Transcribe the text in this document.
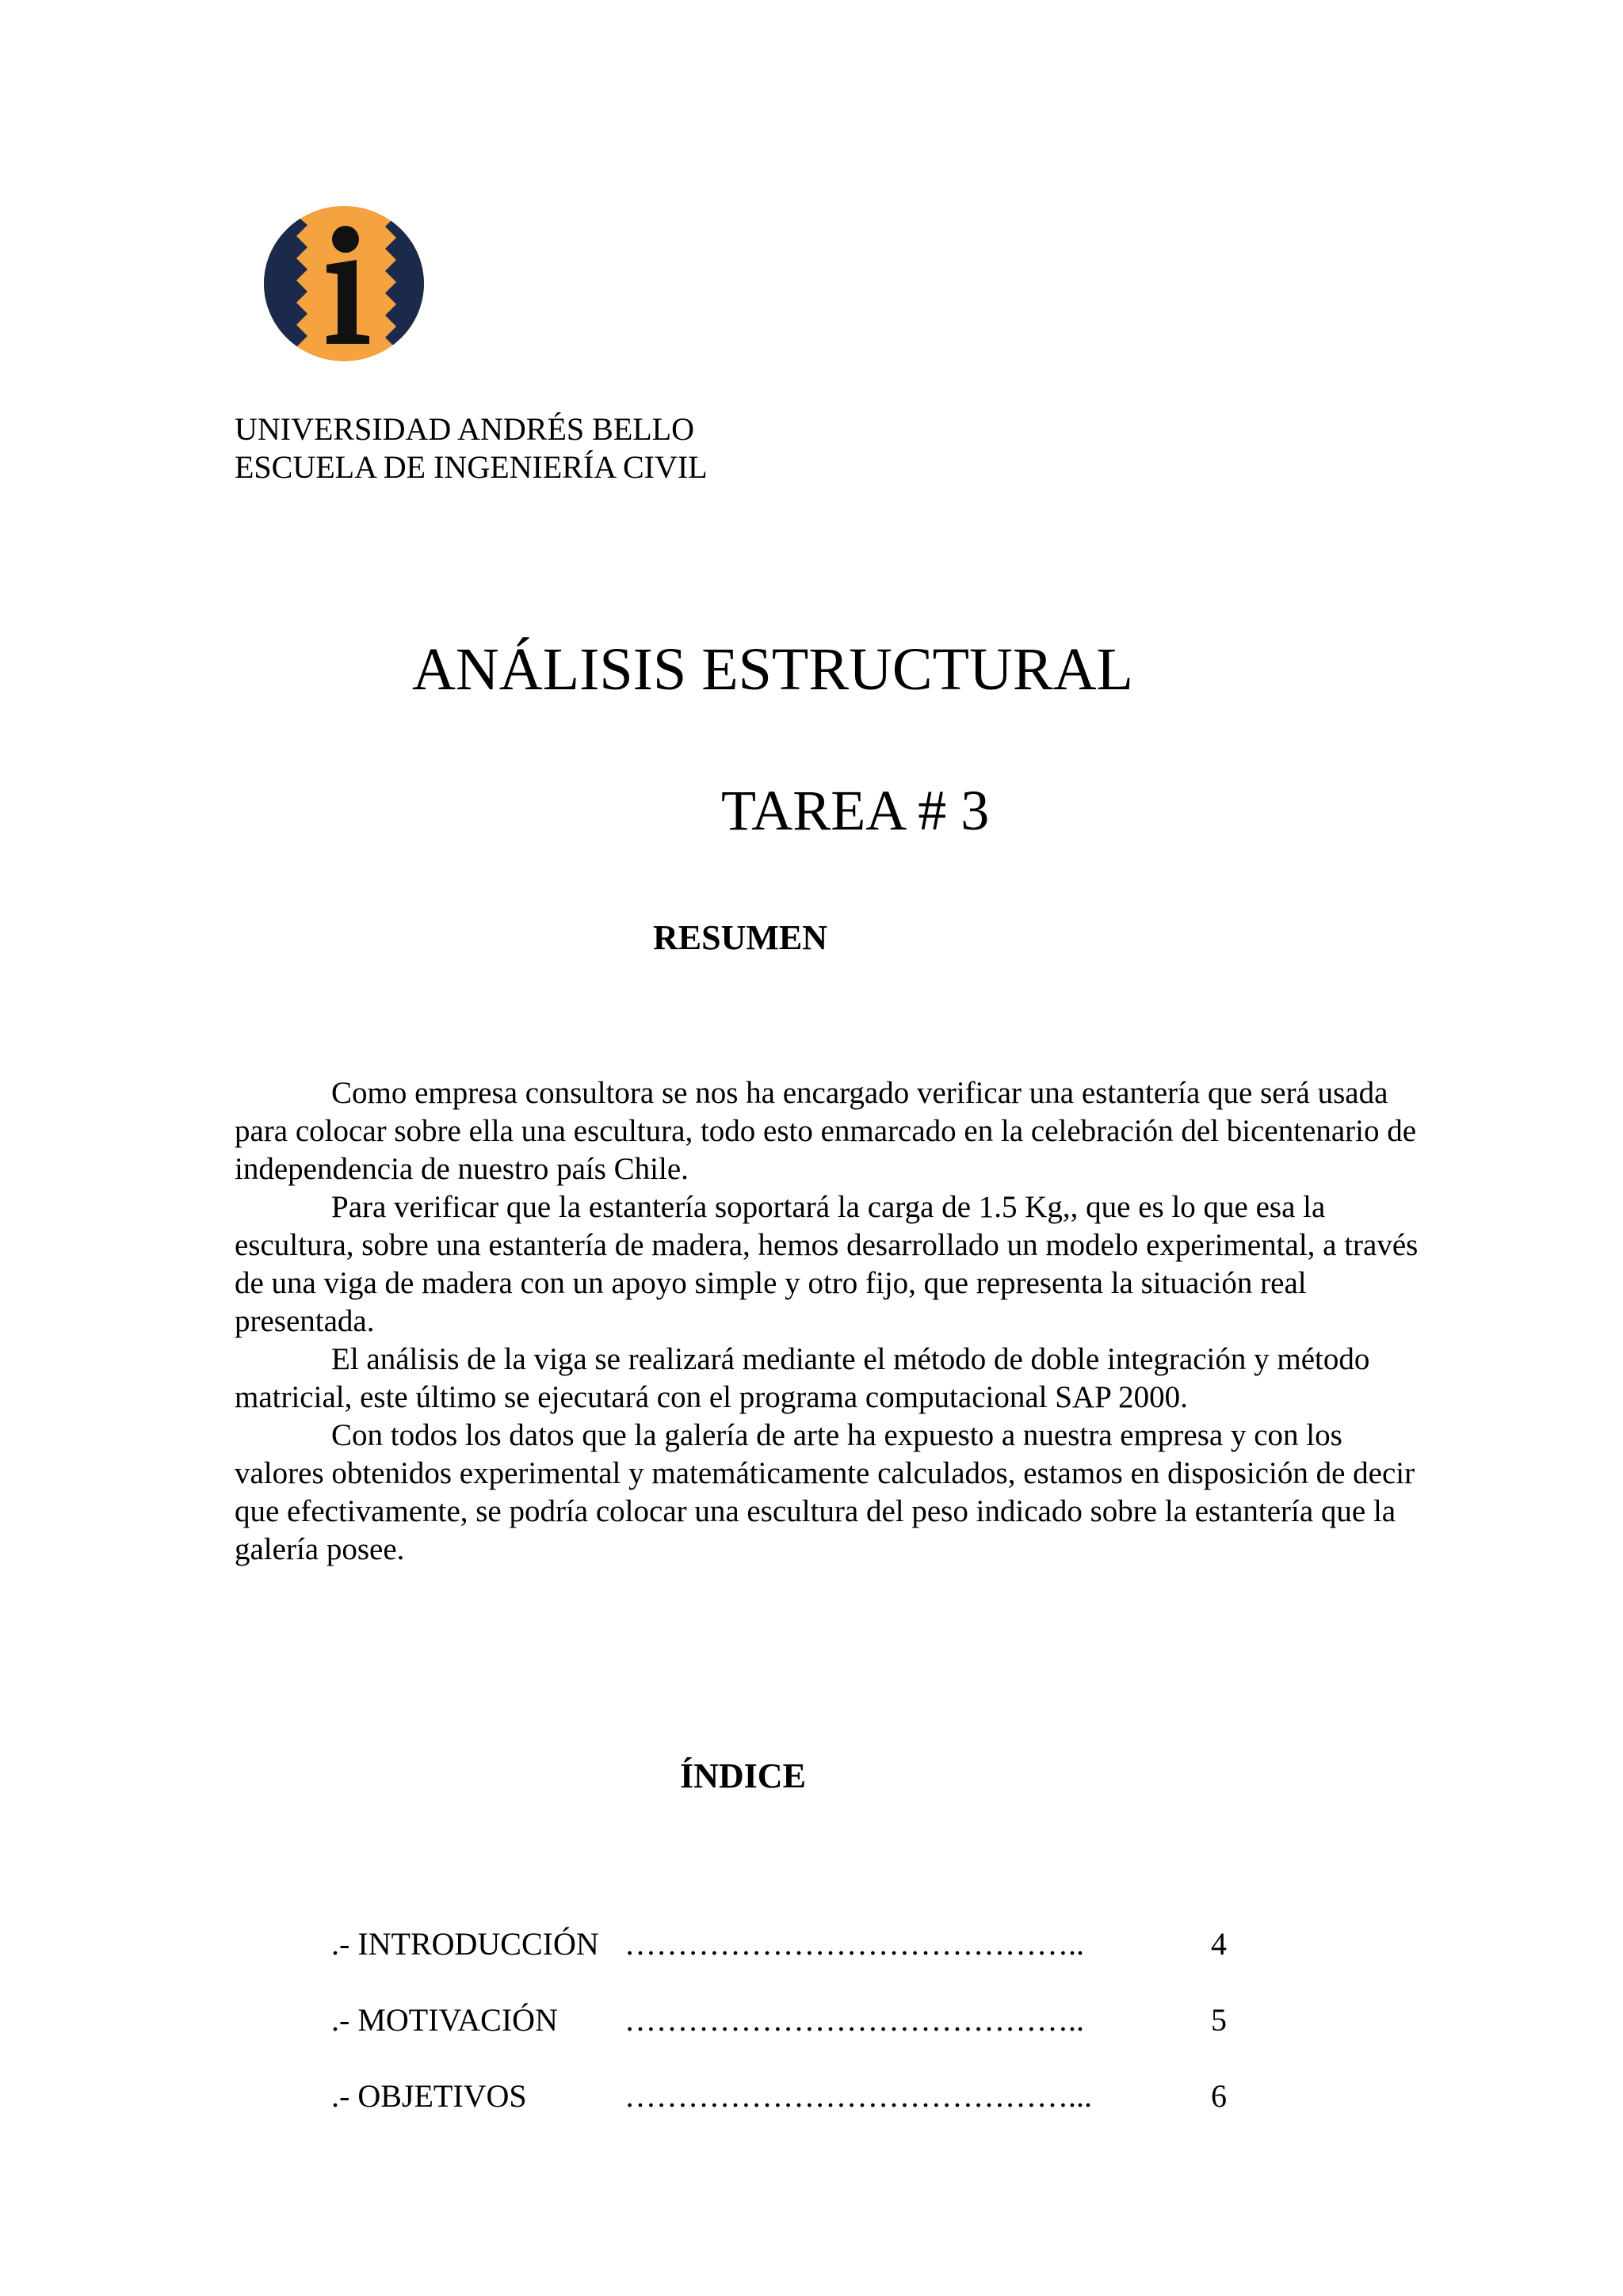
UNIVERSIDAD ANDRÉS BELLO
ESCUELA DE INGENIERÍA CIVIL
ANÁLISIS ESTRUCTURAL
TAREA # 3
RESUMEN

Como empresa consultora se nos ha encargado verificar una estantería que será usada para colocar sobre ella una escultura, todo esto enmarcado en la celebración del bicentenario de independencia de nuestro país Chile.

Para verificar que la estantería soportará la carga de 1.5 Kg,, que es lo que esa la escultura, sobre una estantería de madera, hemos desarrollado un modelo experimental, a través de una viga de madera con un apoyo simple y otro fijo, que representa la situación real presentada.

El análisis de la viga se realizará mediante el método de doble integración y método matricial, este último se ejecutará con el programa computacional SAP 2000.

Con todos los datos que la galería de arte ha expuesto a nuestra empresa y con los valores obtenidos experimental y matemáticamente calculados, estamos en disposición de decir que efectivamente, se podría colocar una escultura del peso indicado sobre la estantería que la galería posee.

ÍNDICE
.- INTRODUCCIÓN ……………………………………..	4
.- MOTIVACIÓN ……………………………………..	5
.- OBJETIVOS	……………………………………...	6
